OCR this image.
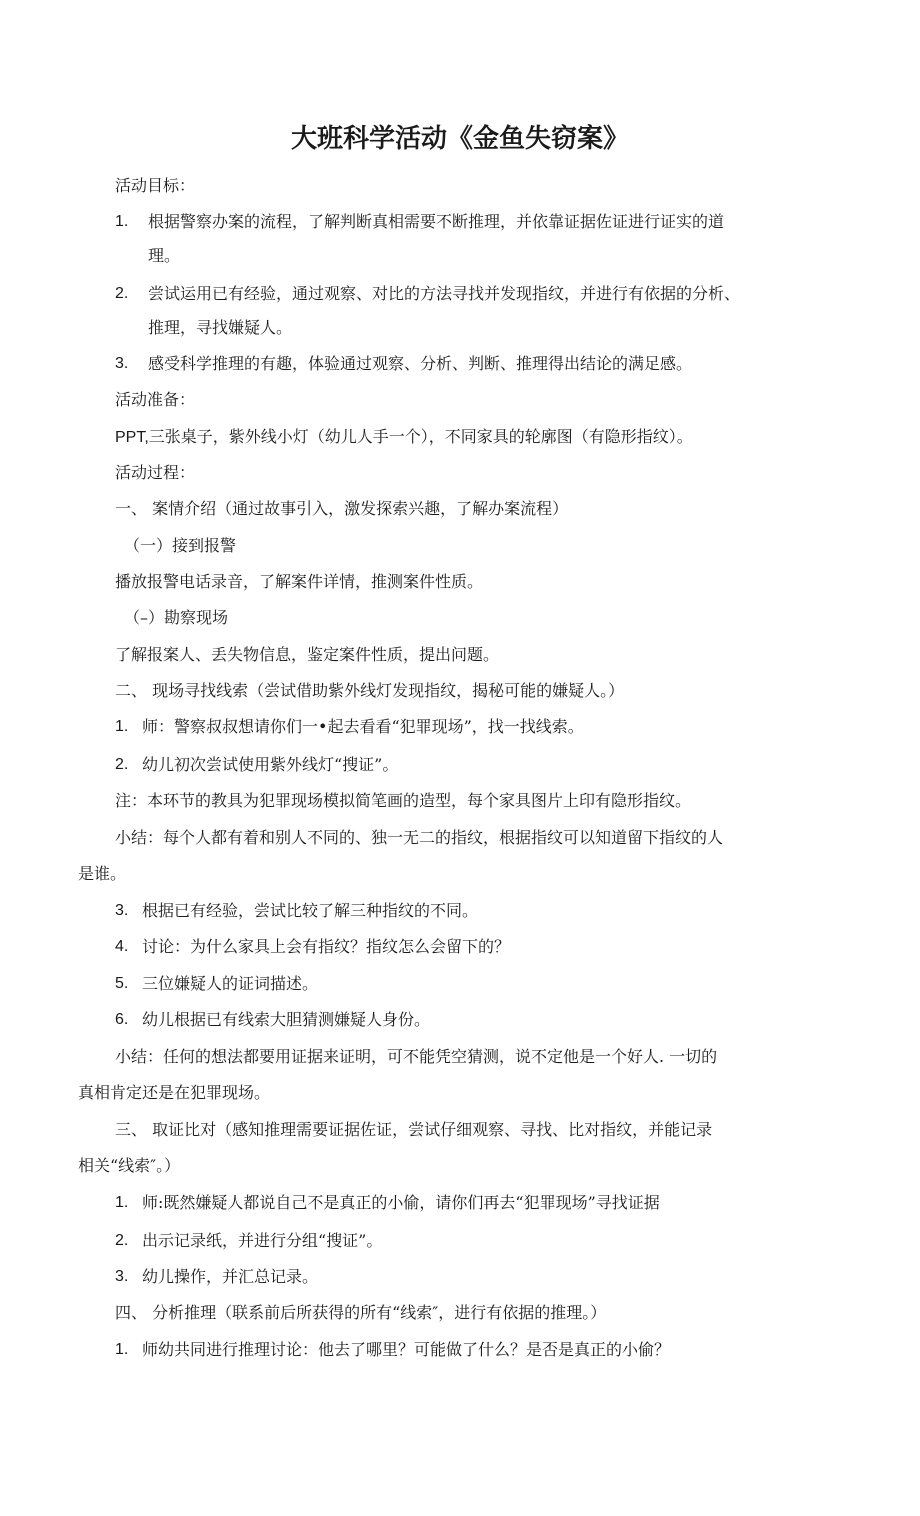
大班科学活动《金鱼失窃案》
活动目标：
1. 根据警察办案的流程，了解判断真相需要不断推理，并依靠证据佐证进行证实的道
理。
2. 尝试运用已有经验，通过观察、对比的方法寻找并发现指纹，并进行有依据的分析、
推理，寻找嫌疑人。
3. 感受科学推理的有趣，体验通过观察、分析、判断、推理得出结论的满足感。
活动准备：
PPT,三张桌子，紫外线小灯（幼儿人手一个），不同家具的轮廓图（有隐形指纹）。
活动过程：
一、 案情介绍（通过故事引入，激发探索兴趣，了解办案流程）
（一）接到报警
播放报警电话录音，了解案件详情，推测案件性质。
（–）勘察现场
了解报案人、丢失物信息，鉴定案件性质，提出问题。
二、 现场寻找线索（尝试借助紫外线灯发现指纹，揭秘可能的嫌疑人。）
1. 师：警察叔叔想请你们一•起去看看“犯罪现场”，找一找线索。
2. 幼儿初次尝试使用紫外线灯“搜证”。
注：本环节的教具为犯罪现场模拟简笔画的造型，每个家具图片上印有隐形指纹。
小结：每个人都有着和别人不同的、独一无二的指纹，根据指纹可以知道留下指纹的人
是谁。
3. 根据已有经验，尝试比较了解三种指纹的不同。
4. 讨论：为什么家具上会有指纹？指纹怎么会留下的？
5. 三位嫌疑人的证词描述。
6. 幼儿根据已有线索大胆猜测嫌疑人身份。
小结：任何的想法都要用证据来证明，可不能凭空猜测，说不定他是一个好人. 一切的
真相肯定还是在犯罪现场。
三、 取证比对（感知推理需要证据佐证，尝试仔细观察、寻找、比对指纹，并能记录
相关“线索″。）
1. 师:既然嫌疑人都说自己不是真正的小偷，请你们再去“犯罪现场”寻找证据
2. 出示记录纸，并进行分组“搜证”。
3. 幼儿操作，并汇总记录。
四、 分析推理（联系前后所获得的所有“线索″，进行有依据的推理。）
1. 师幼共同进行推理讨论：他去了哪里？可能做了什么？是否是真正的小偷？
